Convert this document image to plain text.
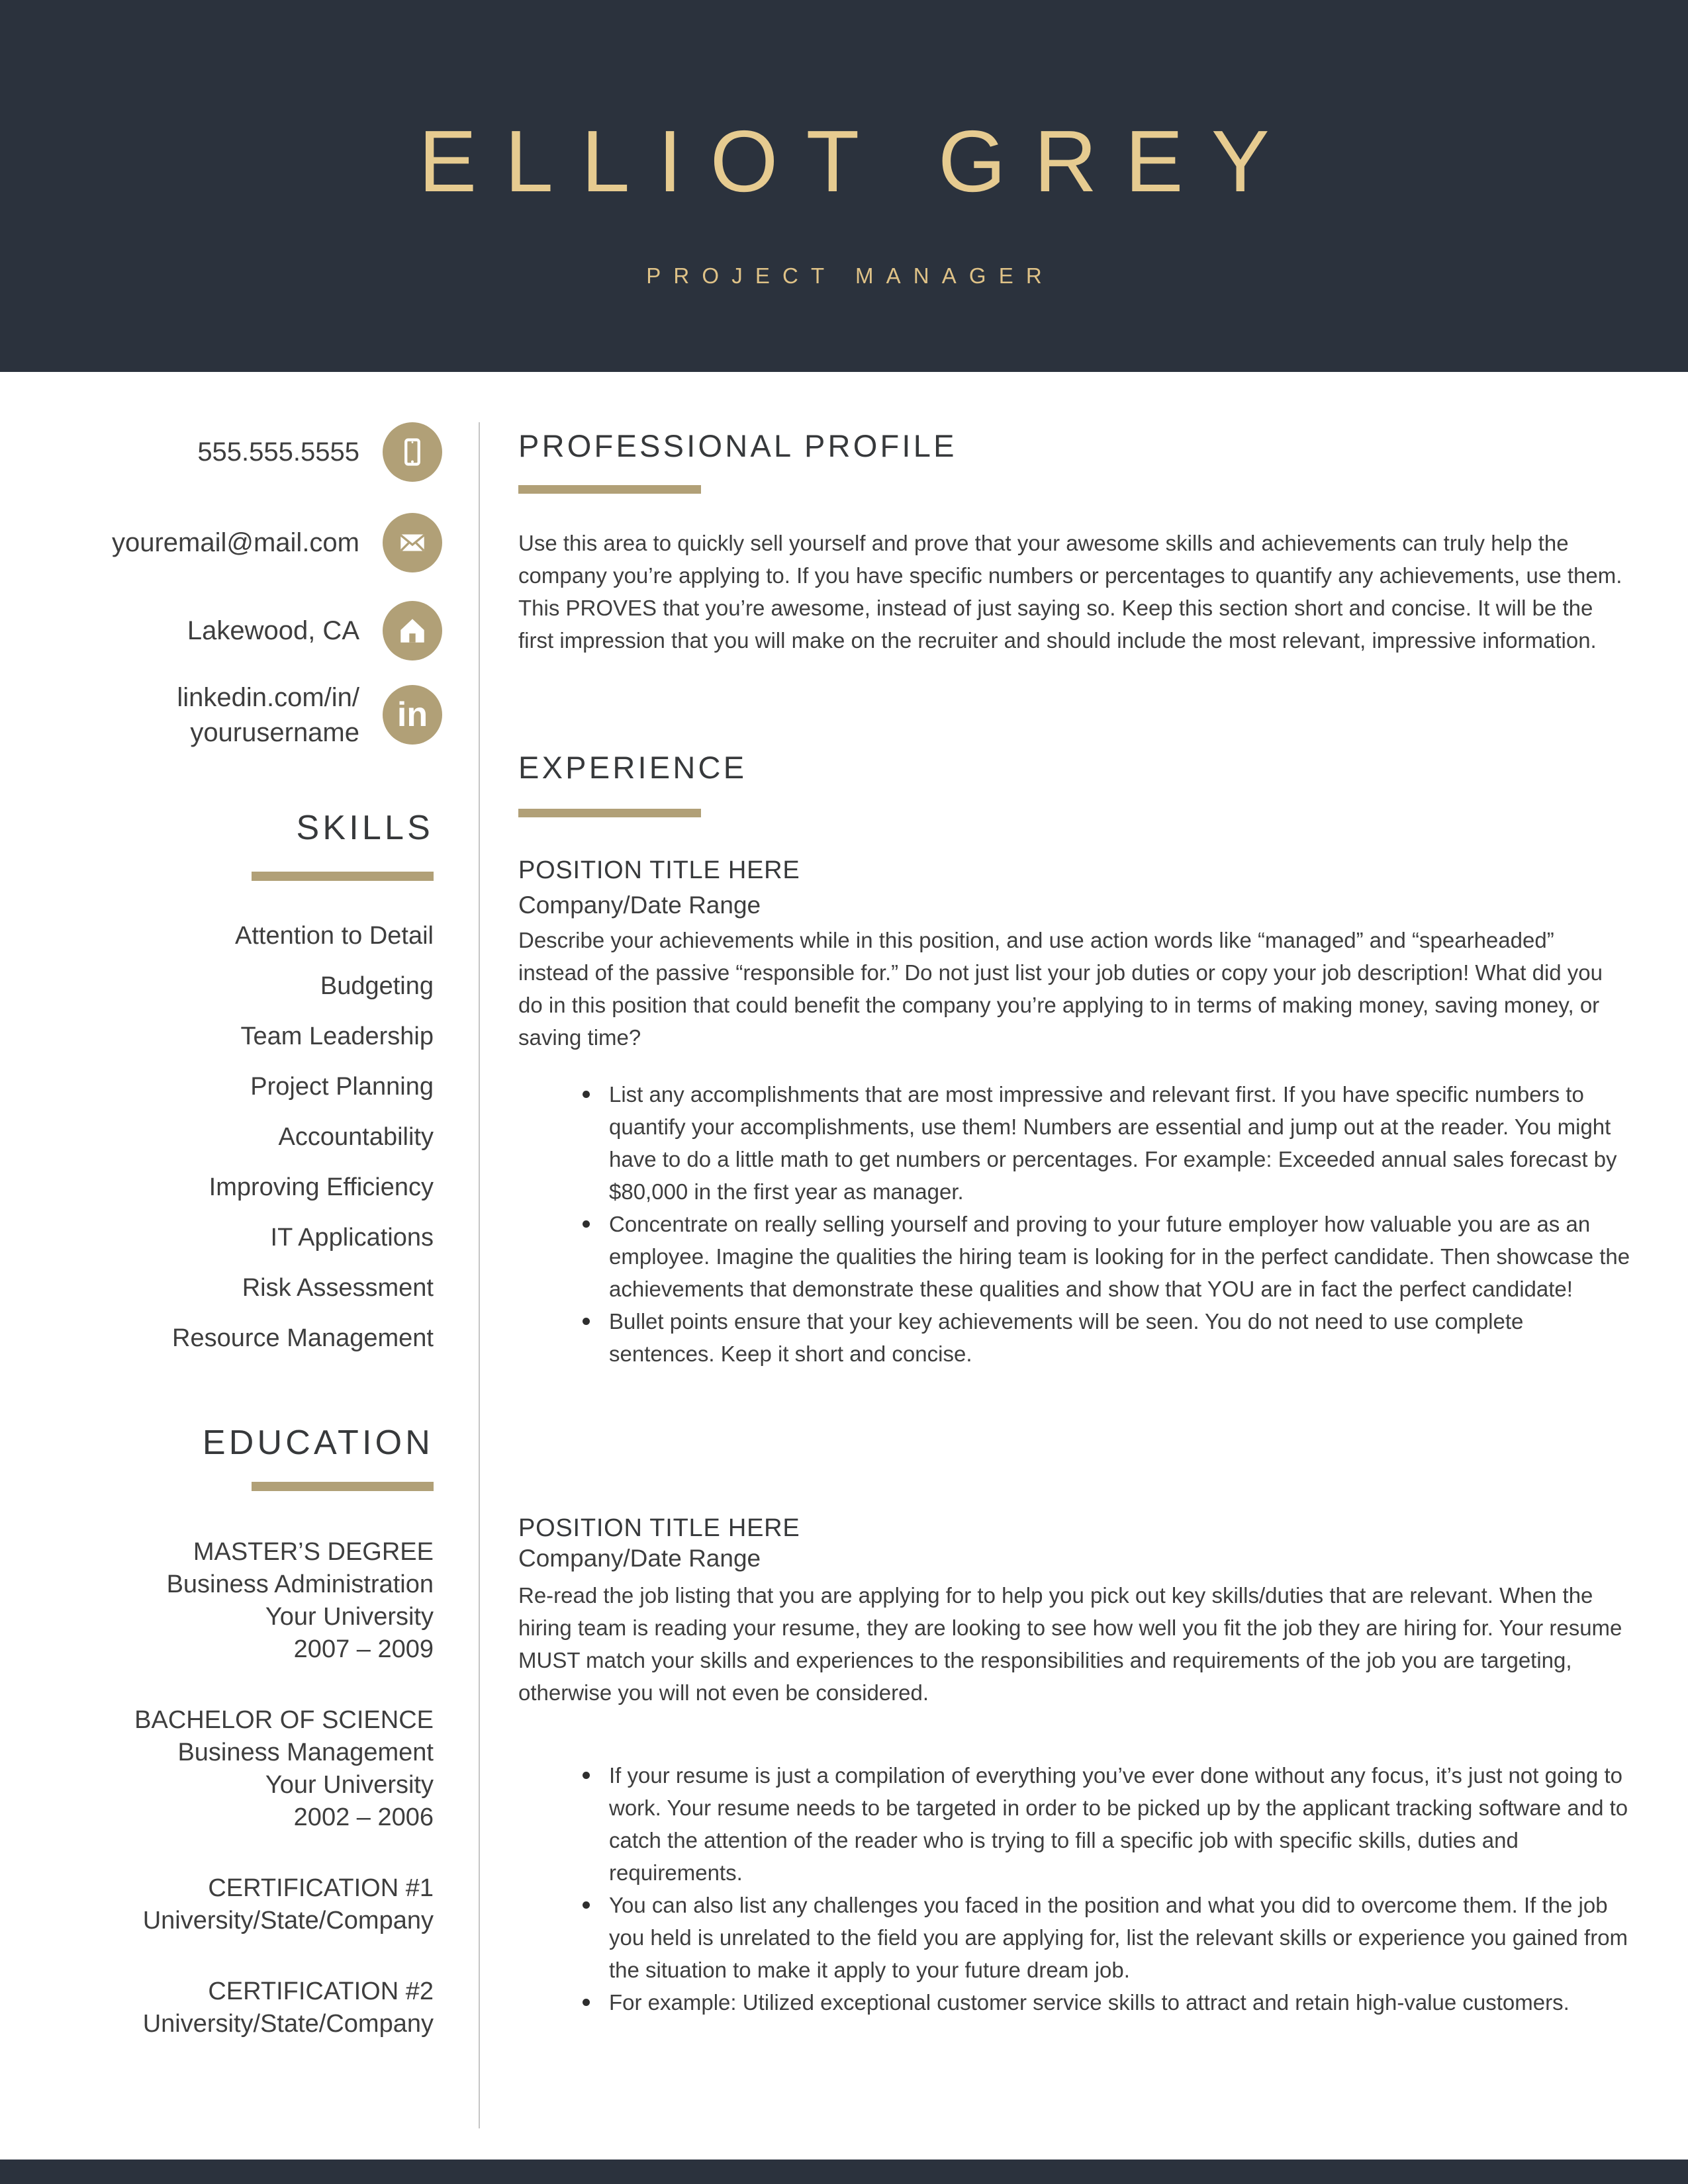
ELLIOT GREY
PROJECT MANAGER
555.555.5555
youremail@mail.com
Lakewood, CA
linkedin.com/in/
yourusername in
SKILLS
Attention to Detail
Budgeting
Team Leadership
Project Planning
Accountability
Improving Efficiency
IT Applications
Risk Assessment
Resource Management
EDUCATION
MASTER’S DEGREE
Business Administration
Your University
2007 – 2009
BACHELOR OF SCIENCE
Business Management
Your University
2002 – 2006
CERTIFICATION #1
University/State/Company
CERTIFICATION #2
University/State/Company
PROFESSIONAL PROFILE

Use this area to quickly sell yourself and prove that your awesome skills and achievements can truly help the company you’re applying to. If you have specific numbers or percentages to quantify any achievements, use them. This PROVES that you’re awesome, instead of just saying so. Keep this section short and concise. It will be the first impression that you will make on the recruiter and should include the most relevant, impressive information.

EXPERIENCE
POSITION TITLE HERE
Company/Date Range

Describe your achievements while in this position, and use action words like “managed” and “spearheaded” instead of the passive “responsible for.” Do not just list your job duties or copy your job description! What did you do in this position that could benefit the company you’re applying to in terms of making money, saving money, or saving time?

List any accomplishments that are most impressive and relevant first. If you have specific numbers to quantify your accomplishments, use them! Numbers are essential and jump out at the reader. You might have to do a little math to get numbers or percentages. For example: Exceeded annual sales forecast by $80,000 in the first year as manager.
Concentrate on really selling yourself and proving to your future employer how valuable you are as an employee. Imagine the qualities the hiring team is looking for in the perfect candidate. Then showcase the achievements that demonstrate these qualities and show that YOU are in fact the perfect candidate!
Bullet points ensure that your key achievements will be seen. You do not need to use complete sentences. Keep it short and concise.
POSITION TITLE HERE
Company/Date Range

Re-read the job listing that you are applying for to help you pick out key skills/duties that are relevant. When the hiring team is reading your resume, they are looking to see how well you fit the job they are hiring for. Your resume MUST match your skills and experiences to the responsibilities and requirements of the job you are targeting, otherwise you will not even be considered.

If your resume is just a compilation of everything you’ve ever done without any focus, it’s just not going to work. Your resume needs to be targeted in order to be picked up by the applicant tracking software and to catch the attention of the reader who is trying to fill a specific job with specific skills, duties and requirements.
You can also list any challenges you faced in the position and what you did to overcome them. If the job you held is unrelated to the field you are applying for, list the relevant skills or experience you gained from the situation to make it apply to your future dream job.
For example: Utilized exceptional customer service skills to attract and retain high-value customers.
